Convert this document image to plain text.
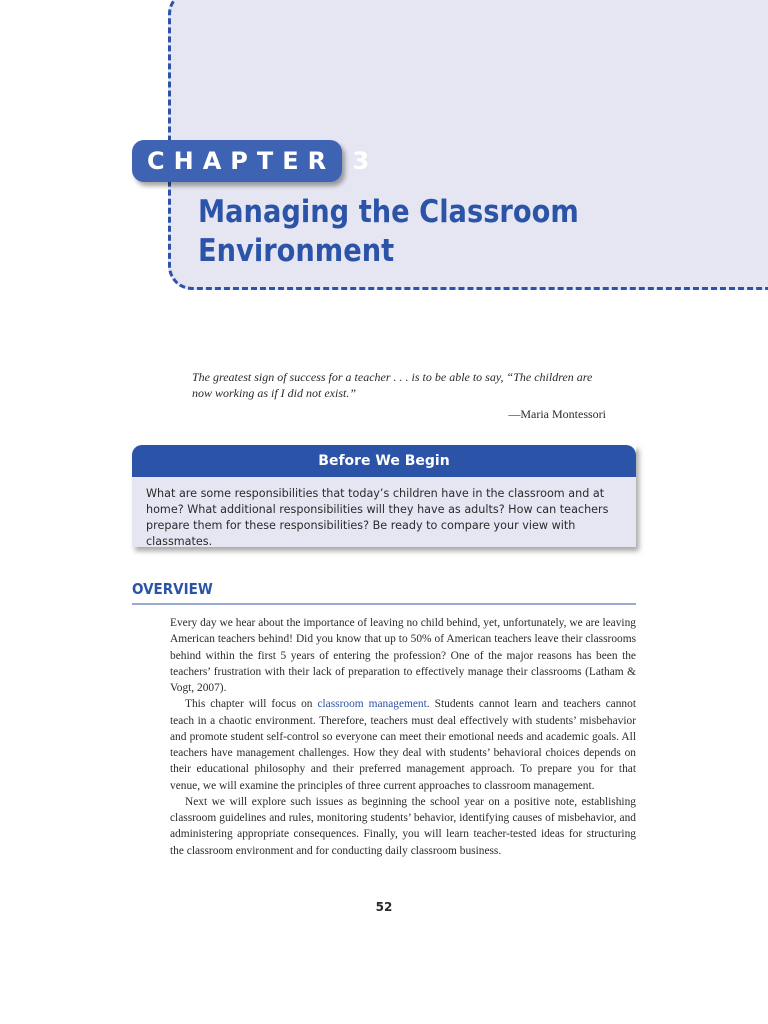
CHAPTER 3
Managing the Classroom
Environment

The greatest sign of success for a teacher . . . is to be able to say, “The children are now working as if I did not exist.”

—Maria Montessori
Before We Begin
What are some responsibilities that today’s children have in the classroom and at home? What additional responsibilities will they have as adults? How can teachers prepare them for these responsibilities? Be ready to compare your view with classmates.
OVERVIEW

Every day we hear about the importance of leaving no child behind, yet, unfortunately, we are leaving American teachers behind! Did you know that up to 50% of American teachers leave their classrooms behind within the first 5 years of entering the profession? One of the major reasons has been the teachers’ frustration with their lack of preparation to effectively manage their classrooms (Latham & Vogt, 2007).

This chapter will focus on classroom management. Students cannot learn and teachers cannot teach in a chaotic environment. Therefore, teachers must deal effectively with students’ misbehavior and promote student self-control so everyone can meet their emotional needs and academic goals. All teachers have management challenges. How they deal with students’ behavioral choices depends on their educational philosophy and their preferred management approach. To prepare you for that venue, we will examine the principles of three current approaches to classroom management.

Next we will explore such issues as beginning the school year on a positive note, establishing classroom guidelines and rules, monitoring students’ behavior, identifying causes of misbehavior, and administering appropriate consequences. Finally, you will learn teacher-tested ideas for structuring the classroom environment and for conducting daily classroom business.

52
